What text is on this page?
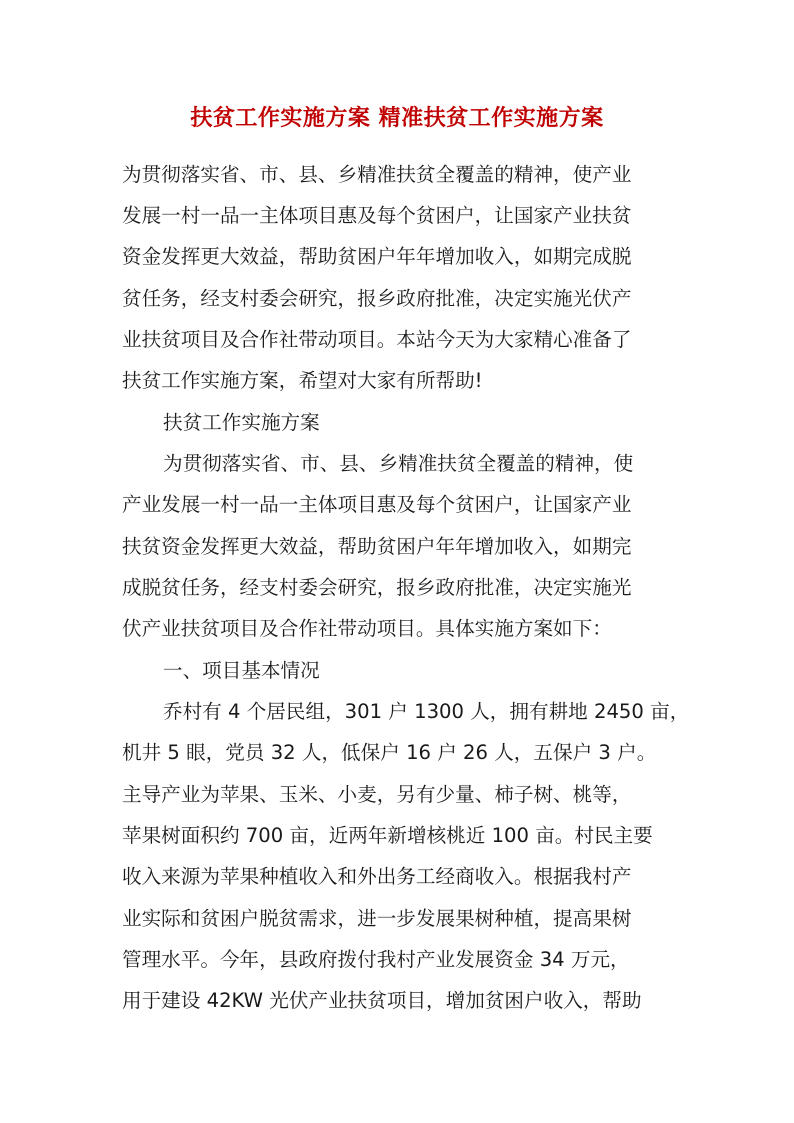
扶贫工作实施方案 精准扶贫工作实施方案
为贯彻落实省、市、县、乡精准扶贫全覆盖的精神，使产业
发展一村一品一主体项目惠及每个贫困户，让国家产业扶贫
资金发挥更大效益，帮助贫困户年年增加收入，如期完成脱
贫任务，经支村委会研究，报乡政府批准，决定实施光伏产
业扶贫项目及合作社带动项目。本站今天为大家精心准备了
扶贫工作实施方案，希望对大家有所帮助!
扶贫工作实施方案
为贯彻落实省、市、县、乡精准扶贫全覆盖的精神，使
产业发展一村一品一主体项目惠及每个贫困户，让国家产业
扶贫资金发挥更大效益，帮助贫困户年年增加收入，如期完
成脱贫任务，经支村委会研究，报乡政府批准，决定实施光
伏产业扶贫项目及合作社带动项目。具体实施方案如下：
一、项目基本情况
乔村有 4 个居民组，301 户 1300 人，拥有耕地 2450 亩，
机井 5 眼，党员 32 人，低保户 16 户 26 人，五保户 3 户。
主导产业为苹果、玉米、小麦，另有少量、柿子树、桃等，
苹果树面积约 700 亩，近两年新增核桃近 100 亩。村民主要
收入来源为苹果种植收入和外出务工经商收入。根据我村产
业实际和贫困户脱贫需求，进一步发展果树种植，提高果树
管理水平。今年，县政府拨付我村产业发展资金 34 万元，
用于建设 42KW 光伏产业扶贫项目，增加贫困户收入，帮助
